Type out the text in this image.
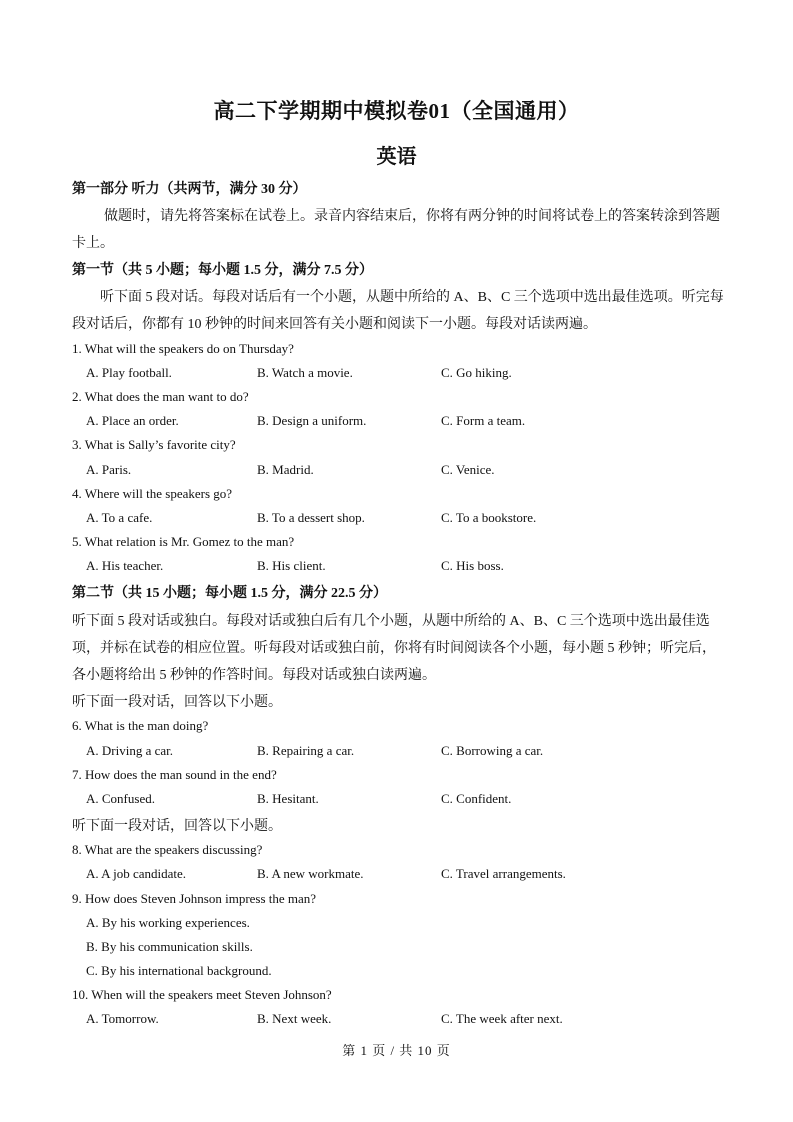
高二下学期期中模拟卷01（全国通用）
英语
第一部分 听力（共两节，满分 30 分）
做题时，请先将答案标在试卷上。录音内容结束后，你将有两分钟的时间将试卷上的答案转涂到答题
卡上。
第一节（共 5 小题；每小题 1.5 分，满分 7.5 分）
听下面 5 段对话。每段对话后有一个小题，从题中所给的 A、B、C 三个选项中选出最佳选项。听完每
段对话后，你都有 10 秒钟的时间来回答有关小题和阅读下一小题。每段对话读两遍。
1. What will the speakers do on Thursday?
A. Play football.	B. Watch a movie.	C. Go hiking.
2. What does the man want to do?
A. Place an order.	B. Design a uniform.	C. Form a team.
3. What is Sally’s favorite city?
A. Paris.	B. Madrid.	C. Venice.
4. Where will the speakers go?
A. To a cafe.	B. To a dessert shop.	C. To a bookstore.
5. What relation is Mr. Gomez to the man?
A. His teacher.	B. His client.	C. His boss.
第二节（共 15 小题；每小题 1.5 分，满分 22.5 分）
听下面 5 段对话或独白。每段对话或独白后有几个小题，从题中所给的 A、B、C 三个选项中选出最佳选
项，并标在试卷的相应位置。听每段对话或独白前，你将有时间阅读各个小题，每小题 5 秒钟；听完后，
各小题将给出 5 秒钟的作答时间。每段对话或独白读两遍。
听下面一段对话，回答以下小题。
6. What is the man doing?
A. Driving a car.	B. Repairing a car.	C. Borrowing a car.
7. How does the man sound in the end?
A. Confused.	B. Hesitant.	C. Confident.
听下面一段对话，回答以下小题。
8. What are the speakers discussing?
A. A job candidate.	B. A new workmate.	C. Travel arrangements.
9. How does Steven Johnson impress the man?
A. By his working experiences.
B. By his communication skills.
C. By his international background.
10. When will the speakers meet Steven Johnson?
A. Tomorrow.	B. Next week.	C. The week after next.
第 1 页 / 共 10 页
